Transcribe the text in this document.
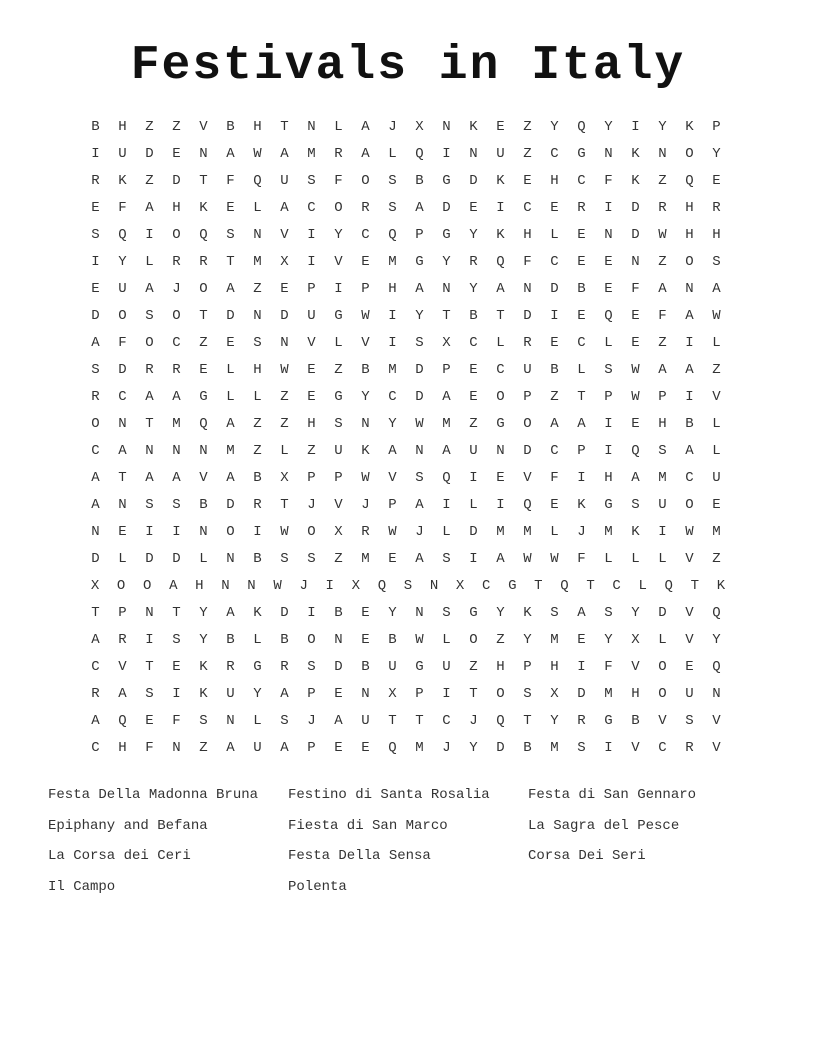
Festivals in Italy
B	H	Z	Z	V	B	H	T	N	L	A	J	X	N	K	E	Z	Y	Q	Y	I	Y	K	P
I	U	D	E	N	A	W	A	M	R	A	L	Q	I	N	U	Z	C	G	N	K	N	O	Y
R	K	Z	D	T	F	Q	U	S	F	O	S	B	G	D	K	E	H	C	F	K	Z	Q	E
E	F	A	H	K	E	L	A	C	O	R	S	A	D	E	I	C	E	R	I	D	R	H	R
S	Q	I	O	Q	S	N	V	I	Y	C	Q	P	G	Y	K	H	L	E	N	D	W	H	H
I	Y	L	R	R	T	M	X	I	V	E	M	G	Y	R	Q	F	C	E	E	N	Z	O	S
E	U	A	J	O	A	Z	E	P	I	P	H	A	N	Y	A	N	D	B	E	F	A	N	A
D	O	S	O	T	D	N	D	U	G	W	I	Y	T	B	T	D	I	E	Q	E	F	A	W
A	F	O	C	Z	E	S	N	V	L	V	I	S	X	C	L	R	E	C	L	E	Z	I	L
S	D	R	R	E	L	H	W	E	Z	B	M	D	P	E	C	U	B	L	S	W	A	A	Z
R	C	A	A	G	L	L	Z	E	G	Y	C	D	A	E	O	P	Z	T	P	W	P	I	V
O	N	T	M	Q	A	Z	Z	H	S	N	Y	W	M	Z	G	O	A	A	I	E	H	B	L
C	A	N	N	N	M	Z	L	Z	U	K	A	N	A	U	N	D	C	P	I	Q	S	A	L
A	T	A	A	V	A	B	X	P	P	W	V	S	Q	I	E	V	F	I	H	A	M	C	U
A	N	S	S	B	D	R	T	J	V	J	P	A	I	L	I	Q	E	K	G	S	U	O	E
N	E	I	I	N	O	I	W	O	X	R	W	J	L	D	M	M	L	J	M	K	I	W	M
D	L	D	D	L	N	B	S	S	Z	M	E	A	S	I	A	W	W	F	L	L	L	V	Z
X	O	O	A	H	N	N	W	J	I	X	Q	S	N	X	C	G	T	Q	T	C	L	Q	T	K
T	P	N	T	Y	A	K	D	I	B	E	Y	N	S	G	Y	K	S	A	S	Y	D	V	Q
A	R	I	S	Y	B	L	B	O	N	E	B	W	L	O	Z	Y	M	E	Y	X	L	V	Y
C	V	T	E	K	R	G	R	S	D	B	U	G	U	Z	H	P	H	I	F	V	O	E	Q
R	A	S	I	K	U	Y	A	P	E	N	X	P	I	T	O	S	X	D	M	H	O	U	N
A	Q	E	F	S	N	L	S	J	A	U	T	T	C	J	Q	T	Y	R	G	B	V	S	V
C	H	F	N	Z	A	U	A	P	E	E	Q	M	J	Y	D	B	M	S	I	V	C	R	V
Festa Della Madonna Bruna	Festino di Santa Rosalia	Festa di San Gennaro
Epiphany and Befana	Fiesta di San Marco	La Sagra del Pesce
La Corsa dei Ceri	Festa Della Sensa	Corsa Dei Seri
Il Campo	Polenta
